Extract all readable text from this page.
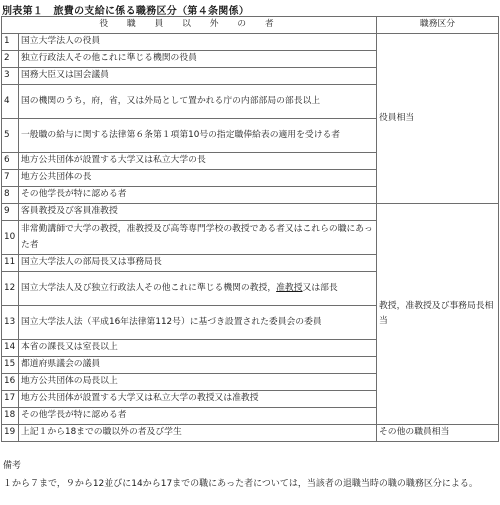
別表第１　旅費の支給に係る職務区分（第４条関係）
役　職　員　以　外　の　者		職務区分
1	国立大学法人の役員	役員相当
2	独立行政法人その他これに準じる機関の役員	
3	国務大臣又は国会議員	
4	国の機関のうち，府，省，又は外局として置かれる庁の内部部局の部長以上	
5	一般職の給与に関する法律第６条第１項第10号の指定職俸給表の適用を受ける者	
6	地方公共団体が設置する大学又は私立大学の長	
7	地方公共団体の長	
8	その他学長が特に認める者	
9	客員教授及び客員准教授	教授，准教授及び事務局長相当
10	非常勤講師で大学の教授，准教授及び高等専門学校の教授である者又はこれらの職にあった者	
11	国立大学法人の部局長又は事務局長	
12	国立大学法人及び独立行政法人その他これに準じる機関の教授，准教授又は部長	
13	国立大学法人法（平成16年法律第112号）に基づき設置された委員会の委員	
14	本省の課長又は室長以上	
15	都道府県議会の議員	
16	地方公共団体の局長以上	
17	地方公共団体が設置する大学又は私立大学の教授又は准教授	
18	その他学長が特に認める者	
19	上記１から18までの職以外の者及び学生	その他の職員相当
備考
１から７まで，９から12並びに14から17までの職にあった者については，当該者の退職当時の職の職務区分による。
